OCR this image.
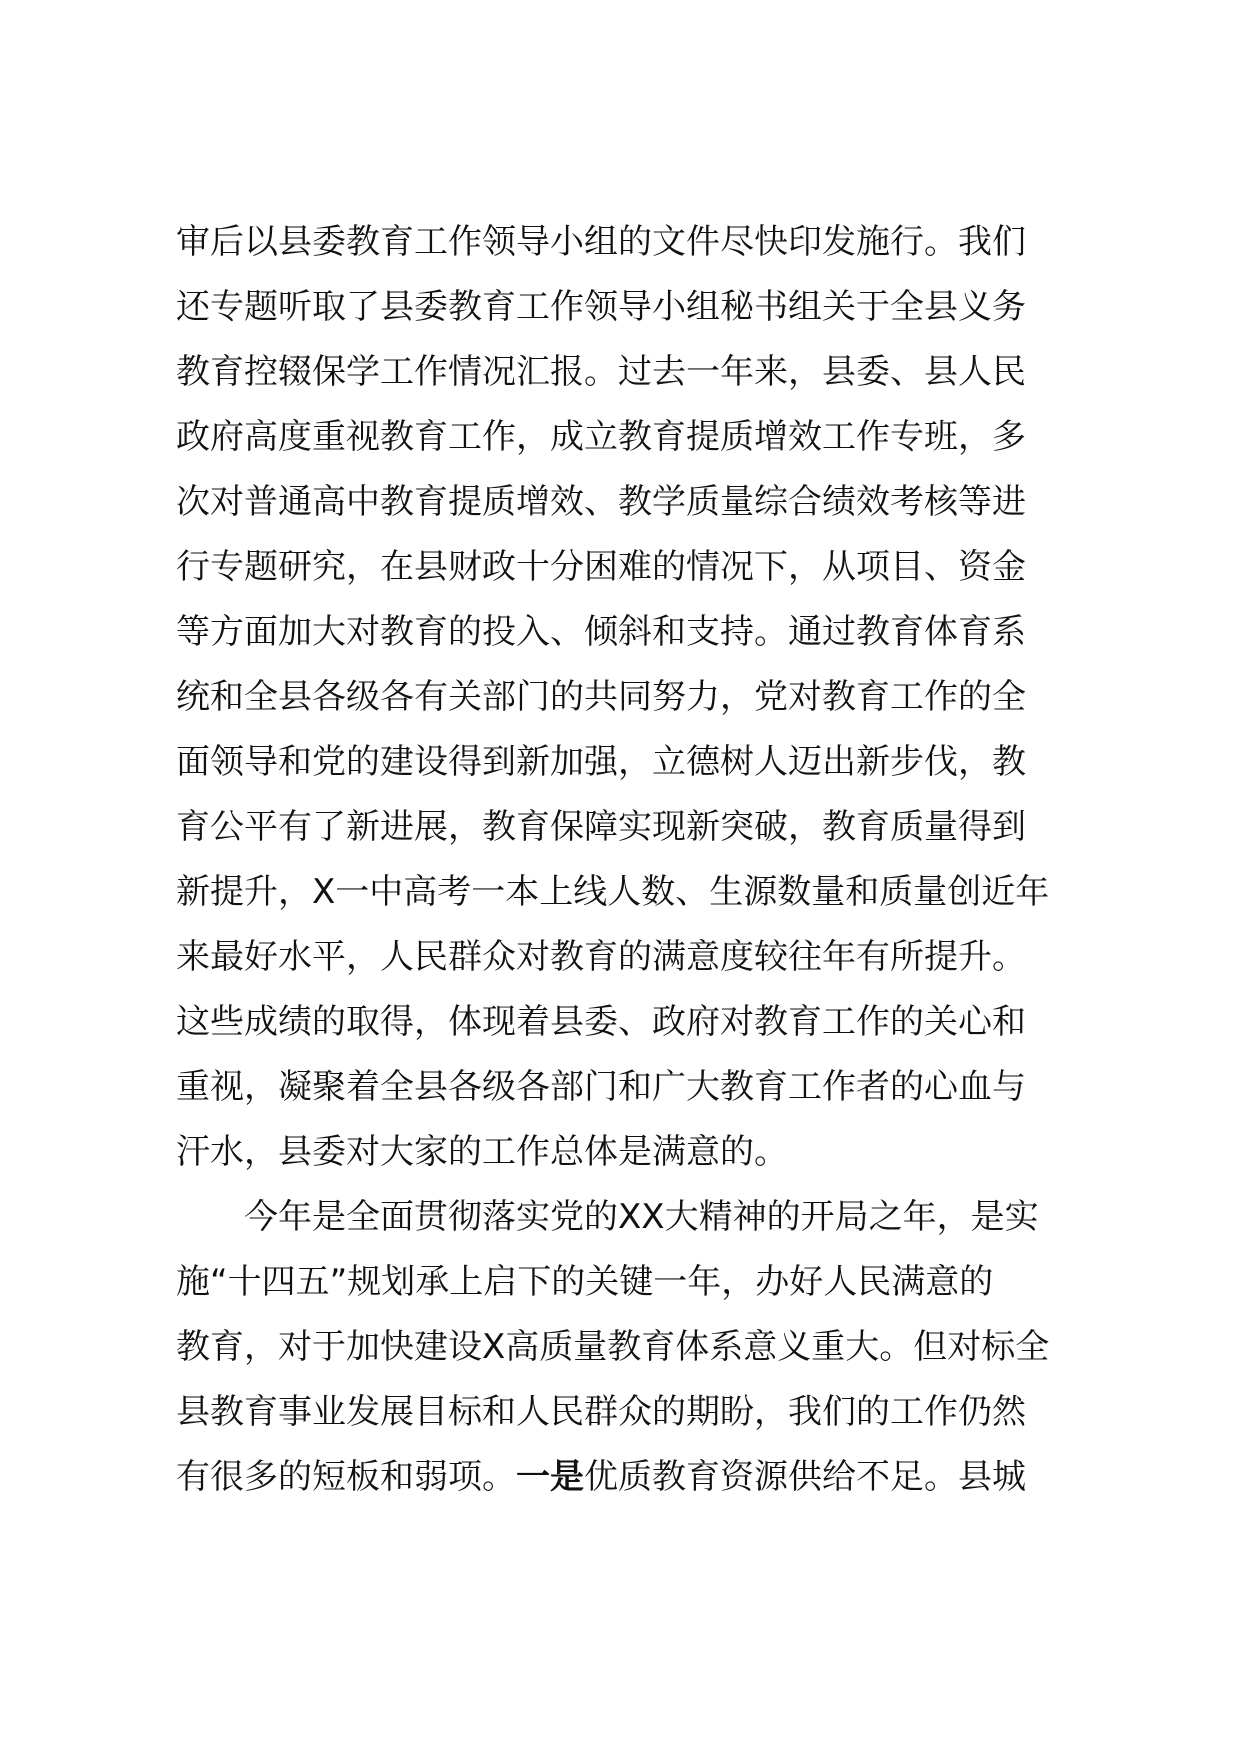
审后以县委教育工作领导小组的文件尽快印发施行。我们
还专题听取了县委教育工作领导小组秘书组关于全县义务
教育控辍保学工作情况汇报。过去一年来，县委、县人民
政府高度重视教育工作，成立教育提质增效工作专班，多
次对普通高中教育提质增效、教学质量综合绩效考核等进
行专题研究，在县财政十分困难的情况下，从项目、资金
等方面加大对教育的投入、倾斜和支持。通过教育体育系
统和全县各级各有关部门的共同努力，党对教育工作的全
面领导和党的建设得到新加强，立德树人迈出新步伐，教
育公平有了新进展，教育保障实现新突破，教育质量得到
新提升，X一中高考一本上线人数、生源数量和质量创近年
来最好水平，人民群众对教育的满意度较往年有所提升。
这些成绩的取得，体现着县委、政府对教育工作的关心和
重视，凝聚着全县各级各部门和广大教育工作者的心血与
汗水，县委对大家的工作总体是满意的。
今年是全面贯彻落实党的XX大精神的开局之年，是实
施“十四五”规划承上启下的关键一年，办好人民满意的
教育，对于加快建设X高质量教育体系意义重大。但对标全
县教育事业发展目标和人民群众的期盼，我们的工作仍然
有很多的短板和弱项。一是优质教育资源供给不足。县城
